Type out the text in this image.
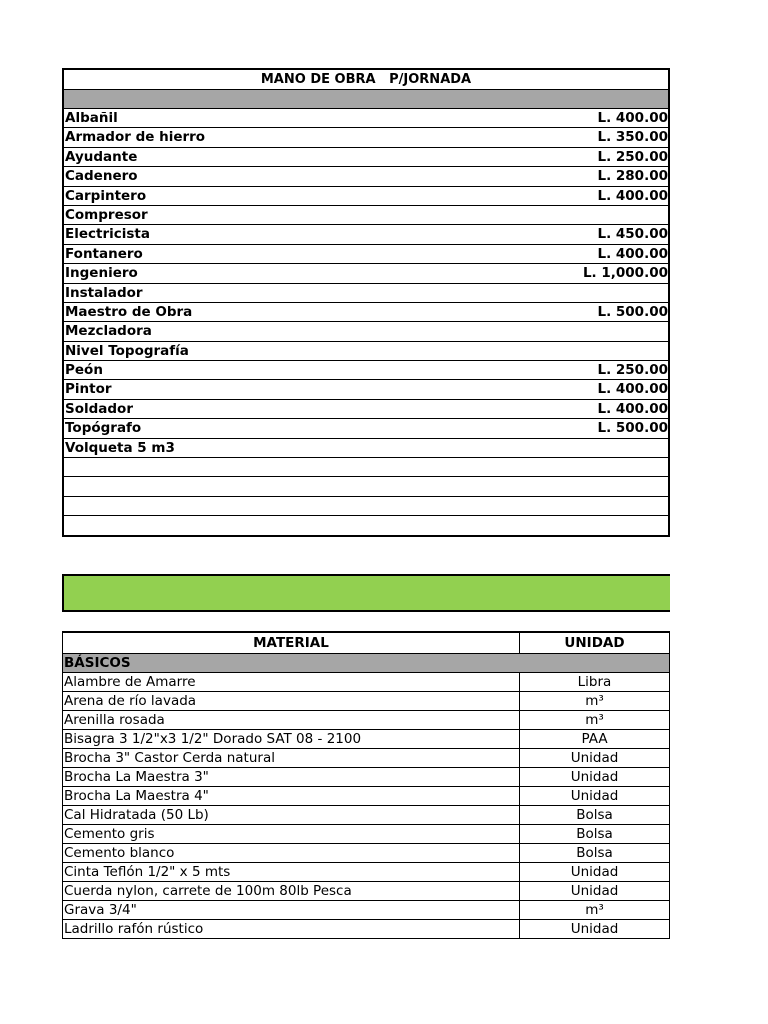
MANO DE OBRA   P/JORNADA
Albañil	L. 400.00
Armador de hierro	L. 350.00
Ayudante	L. 250.00
Cadenero	L. 280.00
Carpintero	L. 400.00
Compresor
Electricista	L. 450.00
Fontanero	L. 400.00
Ingeniero	L. 1,000.00
Instalador
Maestro de Obra	L. 500.00
Mezcladora
Nivel Topografía
Peón	L. 250.00
Pintor	L. 400.00
Soldador	L. 400.00
Topógrafo	L. 500.00
Volqueta 5 m3
MATERIAL	UNIDAD
BÁSICOS
Alambre de Amarre	Libra
Arena de río lavada	m³
Arenilla rosada	m³
Bisagra 3 1/2"x3 1/2" Dorado SAT 08 - 2100	PAA
Brocha 3" Castor Cerda natural	Unidad
Brocha La Maestra 3"	Unidad
Brocha La Maestra 4"	Unidad
Cal Hidratada (50 Lb)	Bolsa
Cemento gris	Bolsa
Cemento blanco	Bolsa
Cinta Teflón 1/2" x 5 mts	Unidad
Cuerda nylon, carrete de 100m 80lb Pesca	Unidad
Grava 3/4"	m³
Ladrillo rafón rústico	Unidad
